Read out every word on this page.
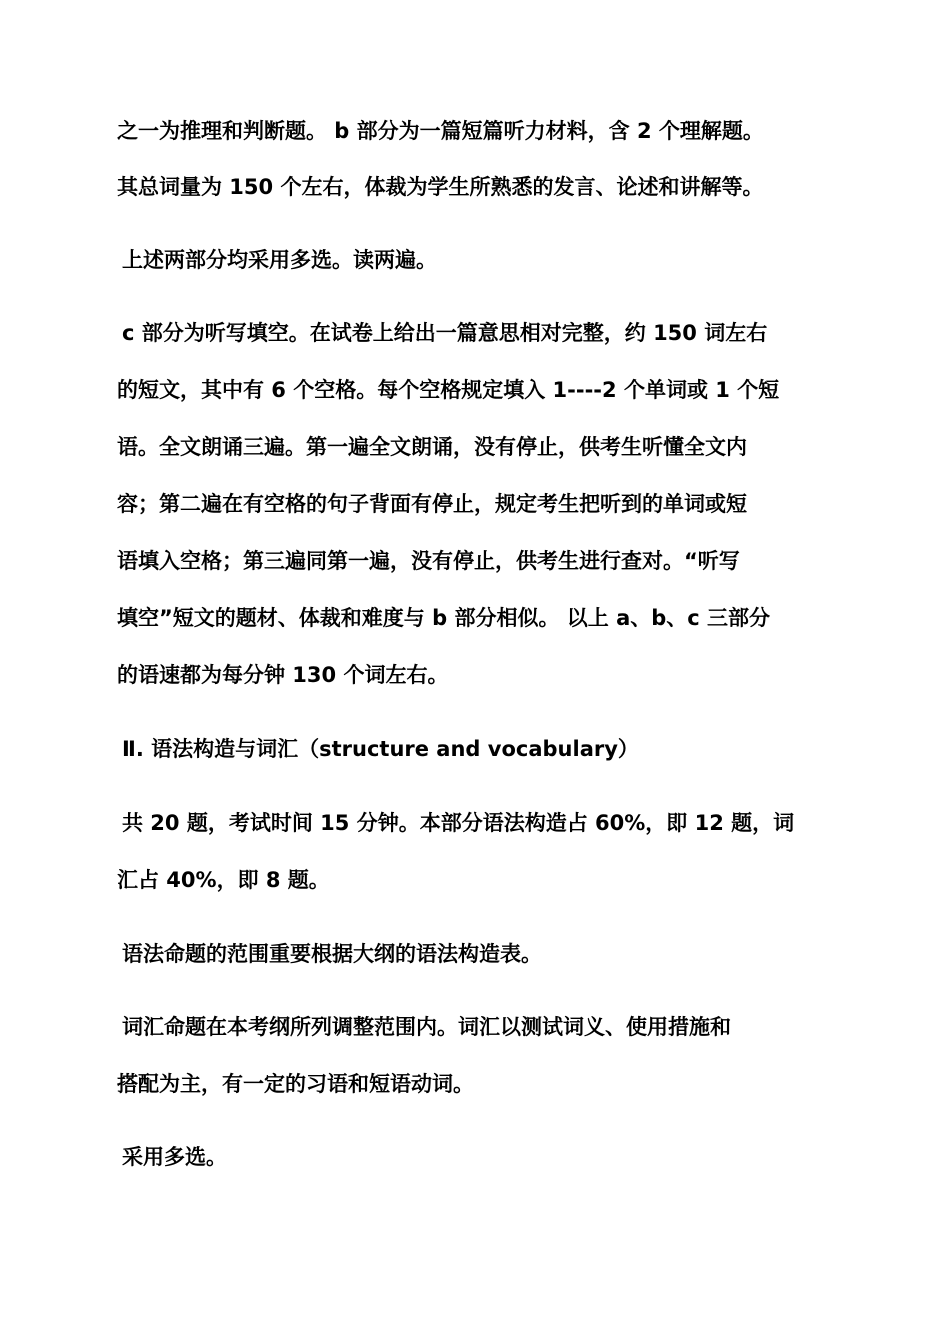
之一为推理和判断题。 b 部分为一篇短篇听力材料，含 2 个理解题。
其总词量为 150 个左右，体裁为学生所熟悉的发言、论述和讲解等。
上述两部分均采用多选。读两遍。
c 部分为听写填空。在试卷上给出一篇意思相对完整，约 150 词左右
的短文，其中有 6 个空格。每个空格规定填入 1----2 个单词或 1 个短
语。全文朗诵三遍。第一遍全文朗诵，没有停止，供考生听懂全文内
容；第二遍在有空格的句子背面有停止，规定考生把听到的单词或短
语填入空格；第三遍同第一遍，没有停止，供考生进行查对。“听写
填空”短文的题材、体裁和难度与 b 部分相似。 以上 a、b、c 三部分
的语速都为每分钟 130 个词左右。
Ⅱ. 语法构造与词汇（structure and vocabulary）
共 20 题，考试时间 15 分钟。本部分语法构造占 60%，即 12 题，词
汇占 40%，即 8 题。
语法命题的范围重要根据大纲的语法构造表。
词汇命题在本考纲所列调整范围内。词汇以测试词义、使用措施和
搭配为主，有一定的习语和短语动词。
采用多选。
